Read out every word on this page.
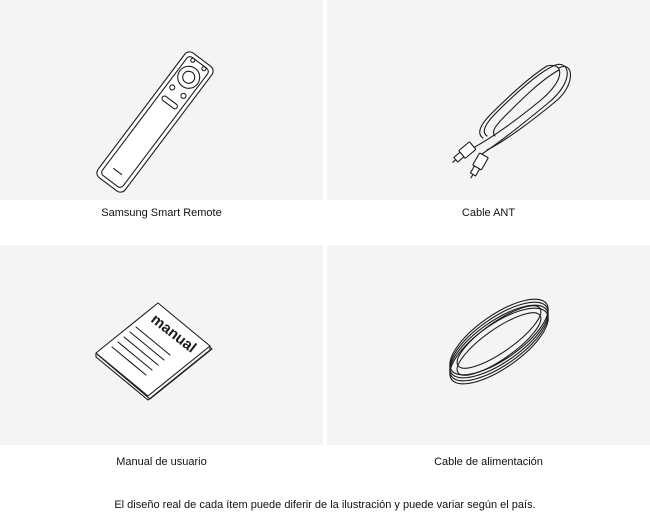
manual
Samsung Smart Remote	Cable ANT
Manual de usuario	Cable de alimentación
El diseño real de cada ítem puede diferir de la ilustración y puede variar según el país.
